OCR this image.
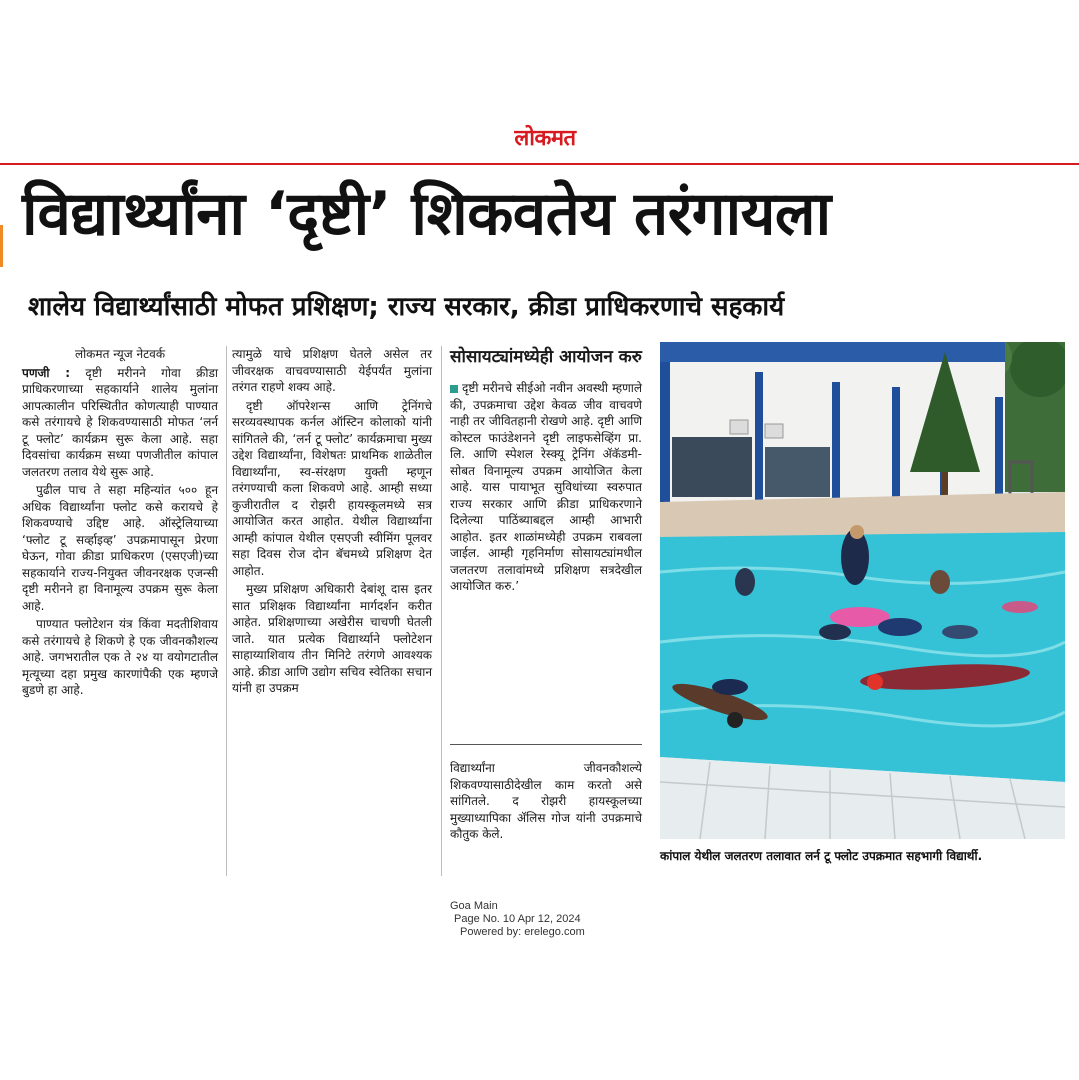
लोकमत
विद्यार्थ्यांना ‘दृष्टी’ शिकवतेय तरंगायला
शालेय विद्यार्थ्यांसाठी मोफत प्रशिक्षण; राज्य सरकार, क्रीडा प्राधिकरणाचे सहकार्य
लोकमत न्यूज नेटवर्क

पणजी : दृष्टी मरीनने गोवा क्रीडा प्राधिकरणाच्या सहकार्याने शालेय मुलांना आपत्कालीन परिस्थितीत कोणत्याही पाण्यात कसे तरंगायचे हे शिकवण्यासाठी मोफत ‘लर्न टू फ्लोट’ कार्यक्रम सुरू केला आहे. सहा दिवसांचा कार्यक्रम सध्या पणजीतील कांपाल जलतरण तलाव येथे सुरू आहे.

पुढील पाच ते सहा महिन्यांत ५०० हून अधिक विद्यार्थ्यांना फ्लोट कसे करायचे हे शिकवण्याचे उद्दिष्ट आहे. ऑस्ट्रेलियाच्या ‘फ्लोट टू सर्व्हाइव्ह’ उपक्रमापासून प्रेरणा घेऊन, गोवा क्रीडा प्राधिकरण (एसएजी)च्या सहकार्याने राज्य-नियुक्त जीवनरक्षक एजन्सी दृष्टी मरीनने हा विनामूल्य उपक्रम सुरू केला आहे.

पाण्यात फ्लोटेशन यंत्र किंवा मदतीशिवाय कसे तरंगायचे हे शिकणे हे एक जीवनकौशल्य आहे. जगभरातील एक ते २४ या वयोगटातील मृत्यूच्या दहा प्रमुख कारणांपैकी एक म्हणजे बुडणे हा आहे.

त्यामुळे याचे प्रशिक्षण घेतले असेल तर जीवरक्षक वाचवण्यासाठी येईपर्यंत मुलांना तरंगत राहणे शक्य आहे.

दृष्टी ऑपरेशन्स आणि ट्रेनिंगचे सरव्यवस्थापक कर्नल ऑस्टिन कोलाको यांनी सांगितले की, ‘लर्न टू फ्लोट’ कार्यक्रमाचा मुख्य उद्देश विद्यार्थ्यांना, विशेषतः प्राथमिक शाळेतील विद्यार्थ्यांना, स्व-संरक्षण युक्ती म्हणून तरंगण्याची कला शिकवणे आहे. आम्ही सध्या कुजीरातील द रोझरी हायस्कूलमध्ये सत्र आयोजित करत आहोत. येथील विद्यार्थ्यांना आम्ही कांपाल येथील एसएजी स्वीमिंग पूलवर सहा दिवस रोज दोन बॅचमध्ये प्रशिक्षण देत आहोत.

मुख्य प्रशिक्षण अधिकारी देबांशू दास इतर सात प्रशिक्षक विद्यार्थ्यांना मार्गदर्शन करीत आहेत. प्रशिक्षणाच्या अखेरीस चाचणी घेतली जाते. यात प्रत्येक विद्यार्थ्याने फ्लोटेशन साहाय्याशिवाय तीन मिनिटे तरंगणे आवश्यक आहे. क्रीडा आणि उद्योग सचिव स्वेतिका सचान यांनी हा उपक्रम

सोसायट्यांमध्येही आयोजन करु

दृष्टी मरीनचे सीईओ नवीन अवस्थी म्हणाले की, उपक्रमाचा उद्देश केवळ जीव वाचवणे नाही तर जीवितहानी रोखणे आहे. दृष्टी आणि कोस्टल फाउंडेशनने दृष्टी लाइफसेव्हिंग प्रा. लि. आणि स्पेशल रेस्क्यू ट्रेनिंग ॲकॅडमी-सोबत विनामूल्य उपक्रम आयोजित केला आहे. यास पायाभूत सुविधांच्या स्वरुपात राज्य सरकार आणि क्रीडा प्राधिकरणाने दिलेल्या पाठिंब्याबद्दल आम्ही आभारी आहोत. इतर शाळांमध्येही उपक्रम राबवला जाईल. आम्ही गृहनिर्माण सोसायट्यांमधील जलतरण तलावांमध्ये प्रशिक्षण सत्रदेखील आयोजित करु.’

विद्यार्थ्यांना जीवनकौशल्ये शिकवण्यासाठीदेखील काम करतो असे सांगितले. द रोझरी हायस्कूलच्या मुख्याध्यापिका ॲलिस गोज यांनी उपक्रमाचे कौतुक केले.

कांपाल येथील जलतरण तलावात लर्न टू फ्लोट उपक्रमात सहभागी विद्यार्थी.
Goa Main
Page No. 10 Apr 12, 2024
Powered by: erelego.com
